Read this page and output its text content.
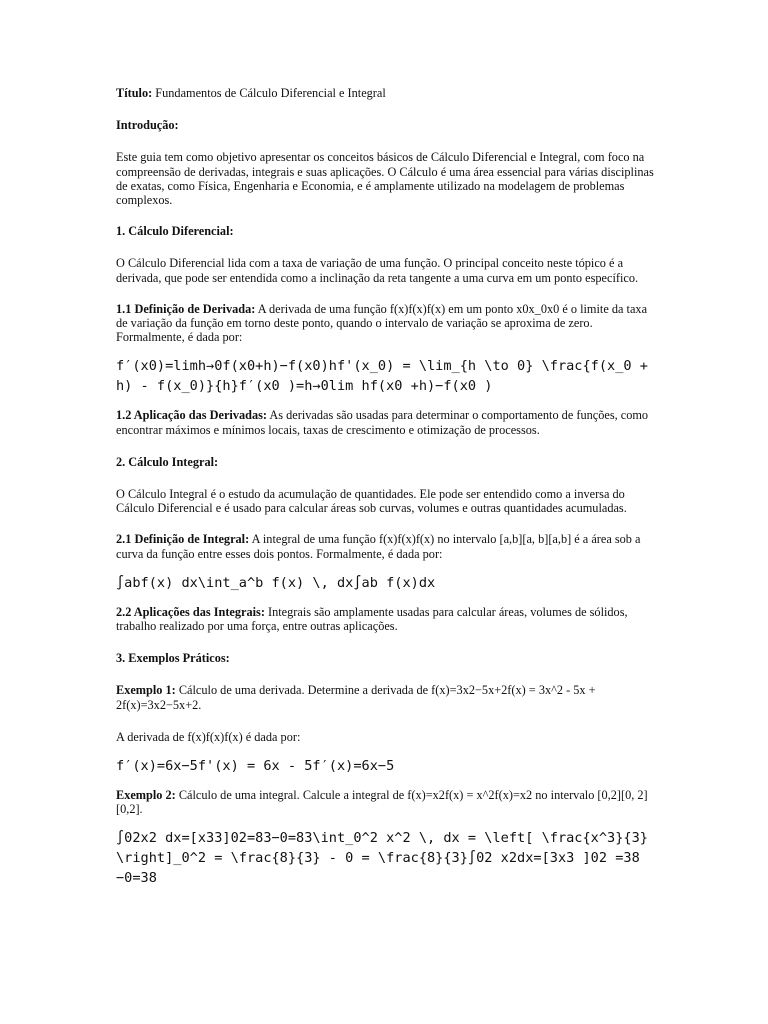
Título: Fundamentos de Cálculo Diferencial e Integral

Introdução:

Este guia tem como objetivo apresentar os conceitos básicos de Cálculo Diferencial e Integral, com foco na compreensão de derivadas, integrais e suas aplicações. O Cálculo é uma área essencial para várias disciplinas de exatas, como Física, Engenharia e Economia, e é amplamente utilizado na modelagem de problemas complexos.

1. Cálculo Diferencial:

O Cálculo Diferencial lida com a taxa de variação de uma função. O principal conceito neste tópico é a derivada, que pode ser entendida como a inclinação da reta tangente a uma curva em um ponto específico.

1.1 Definição de Derivada: A derivada de uma função f(x)f(x)f(x) em um ponto x0x_0x0 é o limite da taxa de variação da função em torno deste ponto, quando o intervalo de variação se aproxima de zero. Formalmente, é dada por:

f′(x0)=lim⁡h→0f(x0+h)−f(x0)hf'(x_0) = \lim_{h \to 0} \frac{f(x_0 + h) - f(x_0)}{h}f′(x0 )=h→0lim hf(x0 +h)−f(x0 )

1.2 Aplicação das Derivadas: As derivadas são usadas para determinar o comportamento de funções, como encontrar máximos e mínimos locais, taxas de crescimento e otimização de processos.

2. Cálculo Integral:

O Cálculo Integral é o estudo da acumulação de quantidades. Ele pode ser entendido como a inversa do Cálculo Diferencial e é usado para calcular áreas sob curvas, volumes e outras quantidades acumuladas.

2.1 Definição de Integral: A integral de uma função f(x)f(x)f(x) no intervalo [a,b][a, b][a,b] é a área sob a curva da função entre esses dois pontos. Formalmente, é dada por:

∫abf(x) dx\int_a^b f(x) \, dx∫ab f(x)dx

2.2 Aplicações das Integrais: Integrais são amplamente usadas para calcular áreas, volumes de sólidos, trabalho realizado por uma força, entre outras aplicações.

3. Exemplos Práticos:

Exemplo 1: Cálculo de uma derivada. Determine a derivada de f(x)=3x2−5x+2f(x) = 3x^2 - 5x + 2f(x)=3x2−5x+2.

A derivada de f(x)f(x)f(x) é dada por:

f′(x)=6x−5f'(x) = 6x - 5f′(x)=6x−5

Exemplo 2: Cálculo de uma integral. Calcule a integral de f(x)=x2f(x) = x^2f(x)=x2 no intervalo [0,2][0, 2][0,2].

∫02x2 dx=[x33]02=83−0=83\int_0^2 x^2 \, dx = \left[ \frac{x^3}{3} \right]_0^2 = \frac{8}{3} - 0 = \frac{8}{3}∫02 x2dx=[3x3 ]02 =38 −0=38
